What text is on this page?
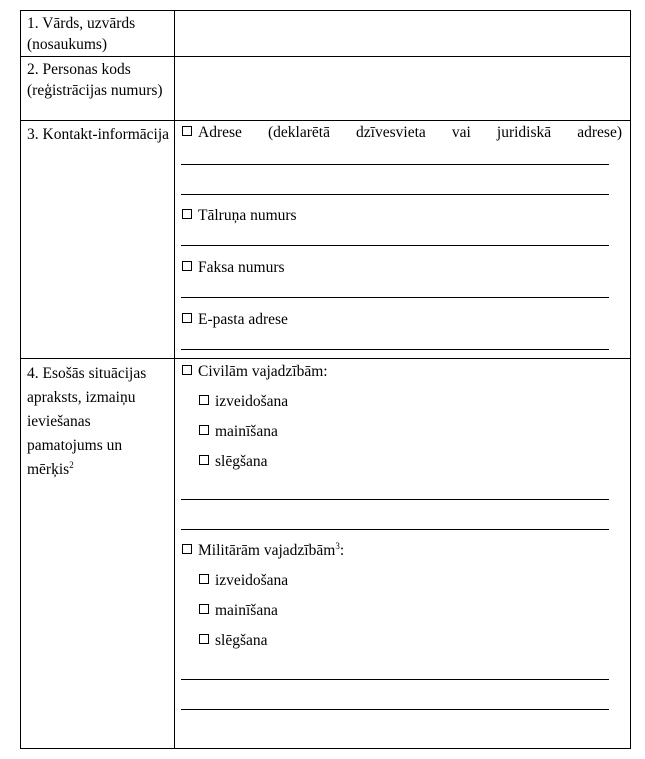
1. Vārds, uzvārds (nosaukums)
2. Personas kods (reģistrācijas numurs)
3. Kontakt-informācija	Adrese (deklarētā dzīvesvieta vai juridiskā adrese)
Tālruņa numurs
Faksa numurs
E-pasta adrese
4. Esošās situācijas apraksts, izmaiņu ieviešanas pamatojums un mērķis$^2$
Civilām vajadzībām:
izveidošana
mainīšana
slēgšana
Militārām vajadzībām$^3$:
izveidošana
mainīšana
slēgšana
